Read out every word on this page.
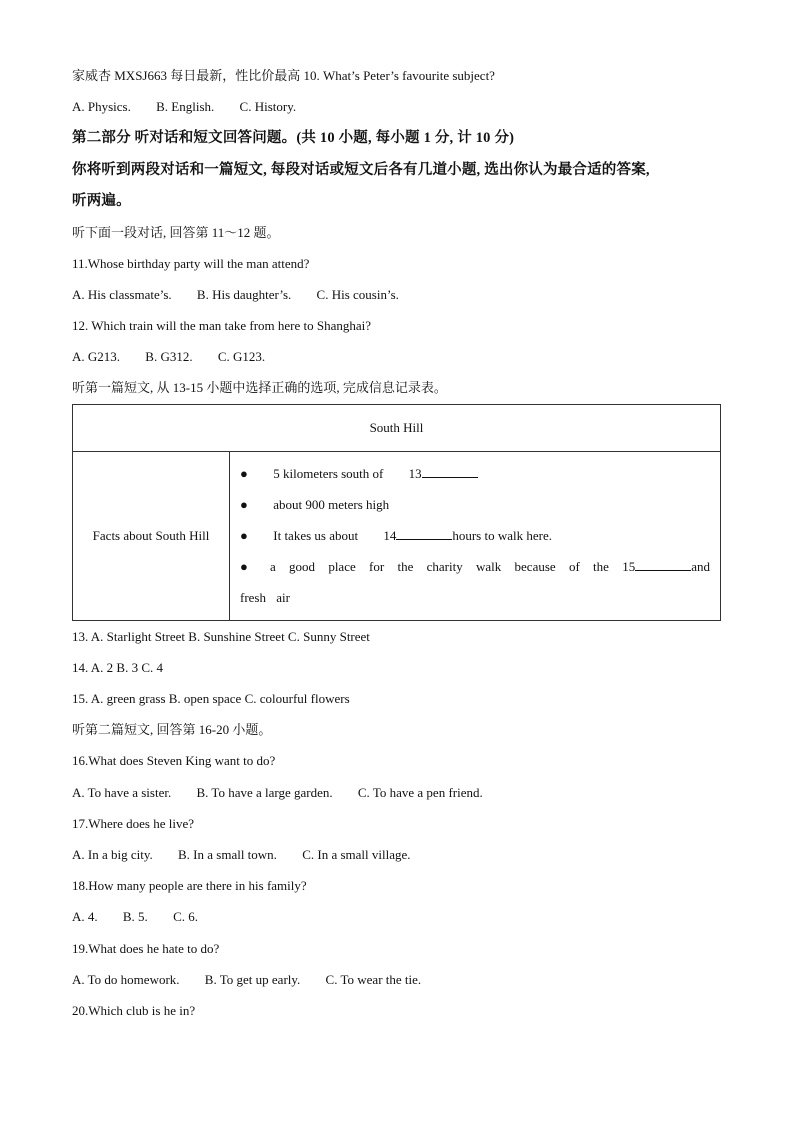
家威杏 MXSJ663 每日最新，性比价最高 10. What’s Peter’s favourite subject?
A. Physics. B. English. C. History.
第二部分 听对话和短文回答问题。(共 10 小题, 每小题 1 分, 计 10 分)
你将听到两段对话和一篇短文, 每段对话或短文后各有几道小题, 选出你认为最合适的答案,
听两遍。
听下面一段对话, 回答第 11～12 题。
11.Whose birthday party will the man attend?
A. His classmate’s. B. His daughter’s. C. His cousin’s.
12. Which train will the man take from here to Shanghai?
A. G213. B. G312. C. G123.
听第一篇短文, 从 13-15 小题中选择正确的选项, 完成信息记录表。
South Hill
Facts about South Hill	
● 5 kilometers south of 13
● about 900 meters high
● It takes us about 14	hours to walk here.
● a good place for the charity walk because of the 15	and fresh air
13. A. Starlight Street B. Sunshine Street C. Sunny Street
14. A. 2 B. 3 C. 4
15. A. green grass B. open space C. colourful flowers
听第二篇短文, 回答第 16-20 小题。
16.What does Steven King want to do?
A. To have a sister. B. To have a large garden. C. To have a pen friend.
17.Where does he live?
A. In a big city. B. In a small town. C. In a small village.
18.How many people are there in his family?
A. 4. B. 5. C. 6.
19.What does he hate to do?
A. To do homework. B. To get up early. C. To wear the tie.
20.Which club is he in?
